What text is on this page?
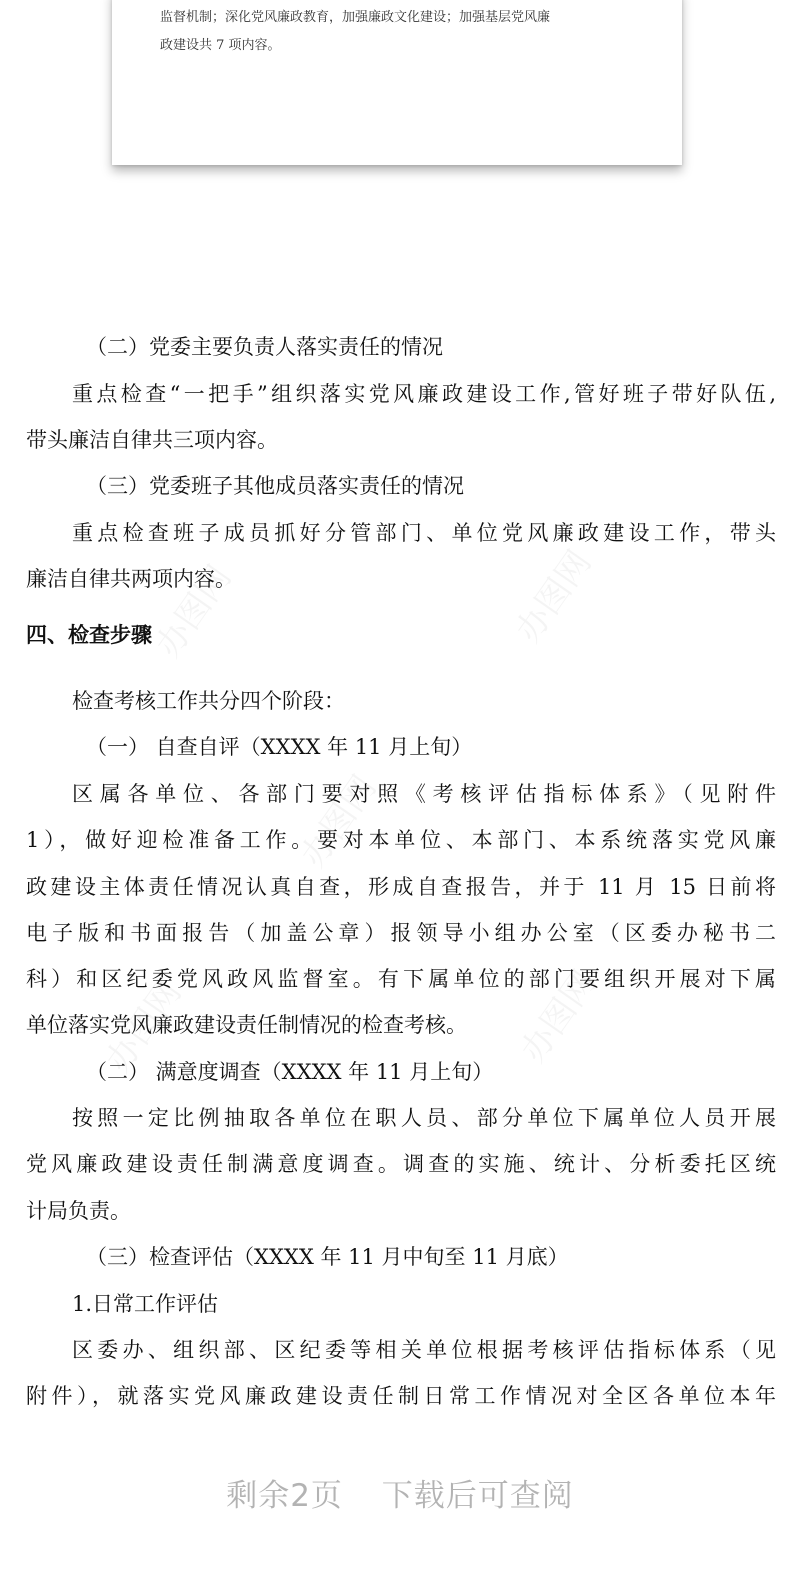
监督机制；深化党风廉政教育，加强廉政文化建设；加强基层党风廉

政建设共 7 项内容。

（二）党委主要负责人落实责任的情况

重点检查“一把手”组织落实党风廉政建设工作,管好班子带好队伍,

带头廉洁自律共三项内容。

（三）党委班子其他成员落实责任的情况

重点检查班子成员抓好分管部门、单位党风廉政建设工作，带头

廉洁自律共两项内容。

四、检查步骤

检查考核工作共分四个阶段：

（一） 自查自评（XXXX 年 11 月上旬）

区属各单位、各部门要对照《考核评估指标体系》（见附件

1），做好迎检准备工作。要对本单位、本部门、本系统落实党风廉

政建设主体责任情况认真自查，形成自查报告，并于 11 月 15 日前将

电子版和书面报告（加盖公章）报领导小组办公室（区委办秘书二

科）和区纪委党风政风监督室。有下属单位的部门要组织开展对下属

单位落实党风廉政建设责任制情况的检查考核。

（二） 满意度调查（XXXX 年 11 月上旬）

按照一定比例抽取各单位在职人员、部分单位下属单位人员开展

党风廉政建设责任制满意度调查。调查的实施、统计、分析委托区统

计局负责。

（三）检查评估（XXXX 年 11 月中旬至 11 月底）

1.日常工作评估

区委办、组织部、区纪委等相关单位根据考核评估指标体系（见

附件），就落实党风廉政建设责任制日常工作情况对全区各单位本年

剩余2页 下载后可查阅
